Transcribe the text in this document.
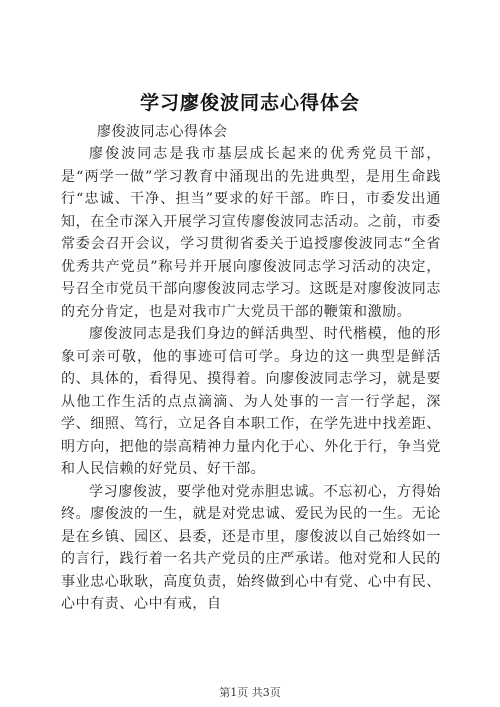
学习廖俊波同志心得体会
廖俊波同志心得体会

廖俊波同志是我市基层成长起来的优秀党员干部，是“两学一做”学习教育中涌现出的先进典型，是用生命践行“忠诚、干净、担当”要求的好干部。昨日，市委发出通知，在全市深入开展学习宣传廖俊波同志活动。之前，市委常委会召开会议，学习贯彻省委关于追授廖俊波同志“全省优秀共产党员”称号并开展向廖俊波同志学习活动的决定，号召全市党员干部向廖俊波同志学习。这既是对廖俊波同志的充分肯定，也是对我市广大党员干部的鞭策和激励。

廖俊波同志是我们身边的鲜活典型、时代楷模，他的形象可亲可敬，他的事迹可信可学。身边的这一典型是鲜活的、具体的，看得见、摸得着。向廖俊波同志学习，就是要从他工作生活的点点滴滴、为人处事的一言一行学起，深学、细照、笃行，立足各自本职工作，在学先进中找差距、明方向，把他的崇高精神力量内化于心、外化于行，争当党和人民信赖的好党员、好干部。

学习廖俊波，要学他对党赤胆忠诚。不忘初心，方得始终。廖俊波的一生，就是对党忠诚、爱民为民的一生。无论是在乡镇、园区、县委，还是市里，廖俊波以自己始终如一的言行，践行着一名共产党员的庄严承诺。他对党和人民的事业忠心耿耿，高度负责，始终做到心中有党、心中有民、心中有责、心中有戒，自

第1页 共3页
